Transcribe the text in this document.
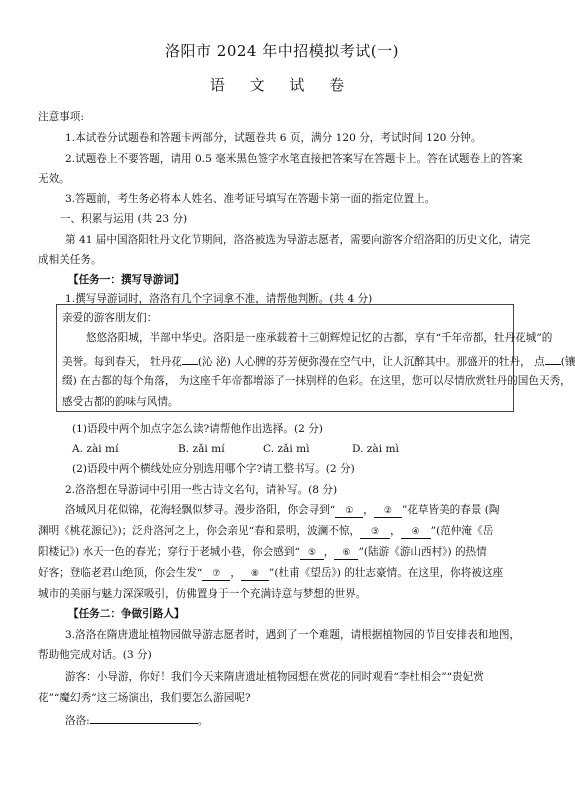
洛阳市 2024 年中招模拟考试(一)
语 文 试 卷
注意事项:
1.本试卷分试题卷和答题卡两部分，试题卷共 6 页，满分 120 分，考试时间 120 分钟。
2.试题卷上不要答题，请用 0.5 毫米黑色签字水笔直接把答案写在答题卡上。答在试题卷上的答案
无效。
3.答题前，考生务必将本人姓名、准考证号填写在答题卡第一面的指定位置上。
一、积累与运用 (共 23 分)
第 41 届中国洛阳牡丹文化节期间，洛洛被选为导游志愿者，需要向游客介绍洛阳的历史文化，请完
成相关任务。
【任务一：撰写导游词】
1.撰写导游词时，洛洛有几个字词拿不准，请帮他判断。(共 4 分)
亲爱的游客朋友们：
悠悠洛阳城，半部中华史。洛阳是一座承载着十三朝辉煌记忆的古都，享有“千年帝都，牡丹花城”的
美誉。每到春天， 牡丹花 (沁 泌) 人心脾的芬芳便弥漫在空气中，让人沉醉其中。那盛开的牡丹， 点 (镶
缀) 在古都的每个角落， 为这座千年帝都增添了一抹别样的色彩。在这里，您可以尽情欣赏牡丹的国色天秀，
感受古都的韵味与风情。
(1)语段中两个加点字怎么读?请帮他作出选择。(2 分)
A. zài mí	B. zǎi mí	C. zǎi mì	D. zài mì
(2)语段中两个横线处应分别选用哪个字?请工整书写。(2 分)
2.洛洛想在导游词中引用一些古诗文名句，请补写。(8 分)
洛城风月花似锦，花海轻飘似梦寻。漫步洛阳，你会寻到“ ① ， ② ”花草皆美的春景 (陶
渊明《桃花源记》)；泛舟洛河之上，你会亲见“春和景明，波澜不惊， ③ ， ④ ”(范仲淹《岳
阳楼记》) 水天一色的春光；穿行于老城小巷，你会感到“ ⑤ ， ⑥ ”(陆游《游山西村》) 的热情
好客；登临老君山绝顶，你会生发“ ⑦ ， ⑧ ”(杜甫《望岳》) 的壮志豪情。在这里，你将被这座
城市的美丽与魅力深深吸引，仿佛置身于一个充满诗意与梦想的世界。
【任务二：争做引路人】
3.洛洛在隋唐遗址植物园做导游志愿者时，遇到了一个难题，请根据植物园的节目安排表和地图，
帮助他完成对话。(3 分)
游客：小导游，你好！我们今天来隋唐遗址植物园想在赏花的同时观看“李杜相会”“贵妃赏
花”“魔幻秀”这三场演出，我们要怎么游园呢?
洛洛:	。
